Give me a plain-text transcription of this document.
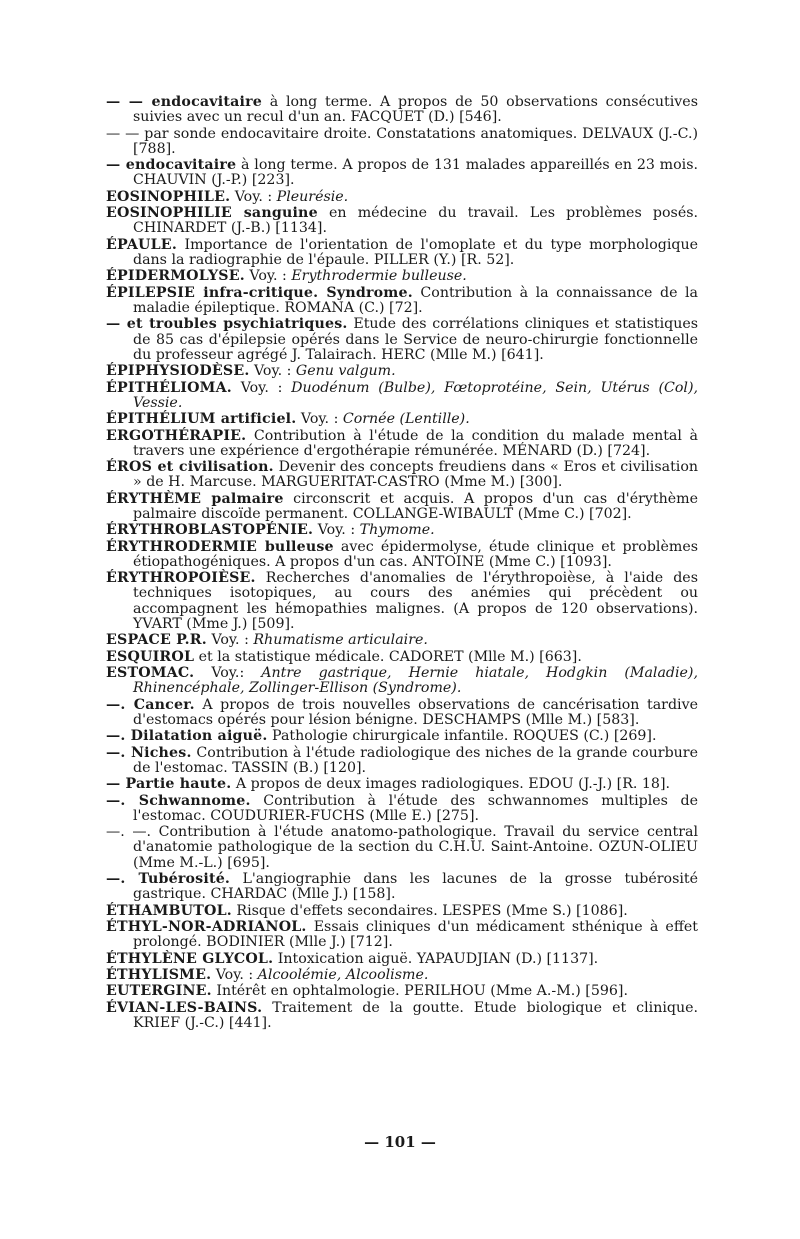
— — endocavitaire à long terme. A propos de 50 observations consécutives suivies avec un recul d'un an. FACQUET (D.) [546].
— — par sonde endocavitaire droite. Constatations anatomiques. DELVAUX (J.-C.) [788].
— endocavitaire à long terme. A propos de 131 malades appareillés en 23 mois. CHAUVIN (J.-P.) [223].
EOSINOPHILE. Voy. : Pleurésie.
EOSINOPHILIE sanguine en médecine du travail. Les problèmes posés. CHINARDET (J.-B.) [1134].
ÉPAULE. Importance de l'orientation de l'omoplate et du type morphologique dans la radiographie de l'épaule. PILLER (Y.) [R. 52].
ÉPIDERMOLYSE. Voy. : Erythrodermie bulleuse.
ÉPILEPSIE infra-critique. Syndrome. Contribution à la connaissance de la maladie épileptique. ROMANA (C.) [72].
— et troubles psychiatriques. Etude des corrélations cliniques et statistiques de 85 cas d'épilepsie opérés dans le Service de neuro-chirurgie fonctionnelle du professeur agrégé J. Talairach. HERC (Mlle M.) [641].
ÉPIPHYSIODÈSE. Voy. : Genu valgum.
ÉPITHÉLIOMA. Voy. : Duodénum (Bulbe), Fœtoprotéine, Sein, Utérus (Col), Vessie.
ÉPITHÉLIUM artificiel. Voy. : Cornée (Lentille).
ERGOTHÉRAPIE. Contribution à l'étude de la condition du malade mental à travers une expérience d'ergothérapie rémunérée. MÉNARD (D.) [724].
ÉROS et civilisation. Devenir des concepts freudiens dans « Eros et civilisation » de H. Marcuse. MARGUERITAT-CASTRO (Mme M.) [300].
ÉRYTHÈME palmaire circonscrit et acquis. A propos d'un cas d'érythème palmaire discoïde permanent. COLLANGE-WIBAULT (Mme C.) [702].
ÉRYTHROBLASTOPÉNIE. Voy. : Thymome.
ÉRYTHRODERMIE bulleuse avec épidermolyse, étude clinique et problèmes étiopathogéniques. A propos d'un cas. ANTOINE (Mme C.) [1093].
ÉRYTHROPOIÈSE. Recherches d'anomalies de l'érythropoièse, à l'aide des techniques isotopiques, au cours des anémies qui précèdent ou accompagnent les hémopathies malignes. (A propos de 120 observations). YVART (Mme J.) [509].
ESPACE P.R. Voy. : Rhumatisme articulaire.
ESQUIROL et la statistique médicale. CADORET (Mlle M.) [663].
ESTOMAC. Voy.: Antre gastrique, Hernie hiatale, Hodgkin (Maladie), Rhinencéphale, Zollinger-Ellison (Syndrome).
—. Cancer. A propos de trois nouvelles observations de cancérisation tardive d'estomacs opérés pour lésion bénigne. DESCHAMPS (Mlle M.) [583].
—. Dilatation aiguë. Pathologie chirurgicale infantile. ROQUES (C.) [269].
—. Niches. Contribution à l'étude radiologique des niches de la grande courbure de l'estomac. TASSIN (B.) [120].
— Partie haute. A propos de deux images radiologiques. EDOU (J.-J.) [R. 18].
—. Schwannome. Contribution à l'étude des schwannomes multiples de l'estomac. COUDURIER-FUCHS (Mlle E.) [275].
—. —. Contribution à l'étude anatomo-pathologique. Travail du service central d'anatomie pathologique de la section du C.H.U. Saint-Antoine. OZUN-OLIEU (Mme M.-L.) [695].
—. Tubérosité. L'angiographie dans les lacunes de la grosse tubérosité gastrique. CHARDAC (Mlle J.) [158].
ÉTHAMBUTOL. Risque d'effets secondaires. LESPES (Mme S.) [1086].
ÉTHYL-NOR-ADRIANOL. Essais cliniques d'un médicament sthénique à effet prolongé. BODINIER (Mlle J.) [712].
ÉTHYLÈNE GLYCOL. Intoxication aiguë. YAPAUDJIAN (D.) [1137].
ÉTHYLISME. Voy. : Alcoolémie, Alcoolisme.
EUTERGINE. Intérêt en ophtalmologie. PERILHOU (Mme A.-M.) [596].
ÉVIAN-LES-BAINS. Traitement de la goutte. Etude biologique et clinique. KRIEF (J.-C.) [441].
— 101 —
